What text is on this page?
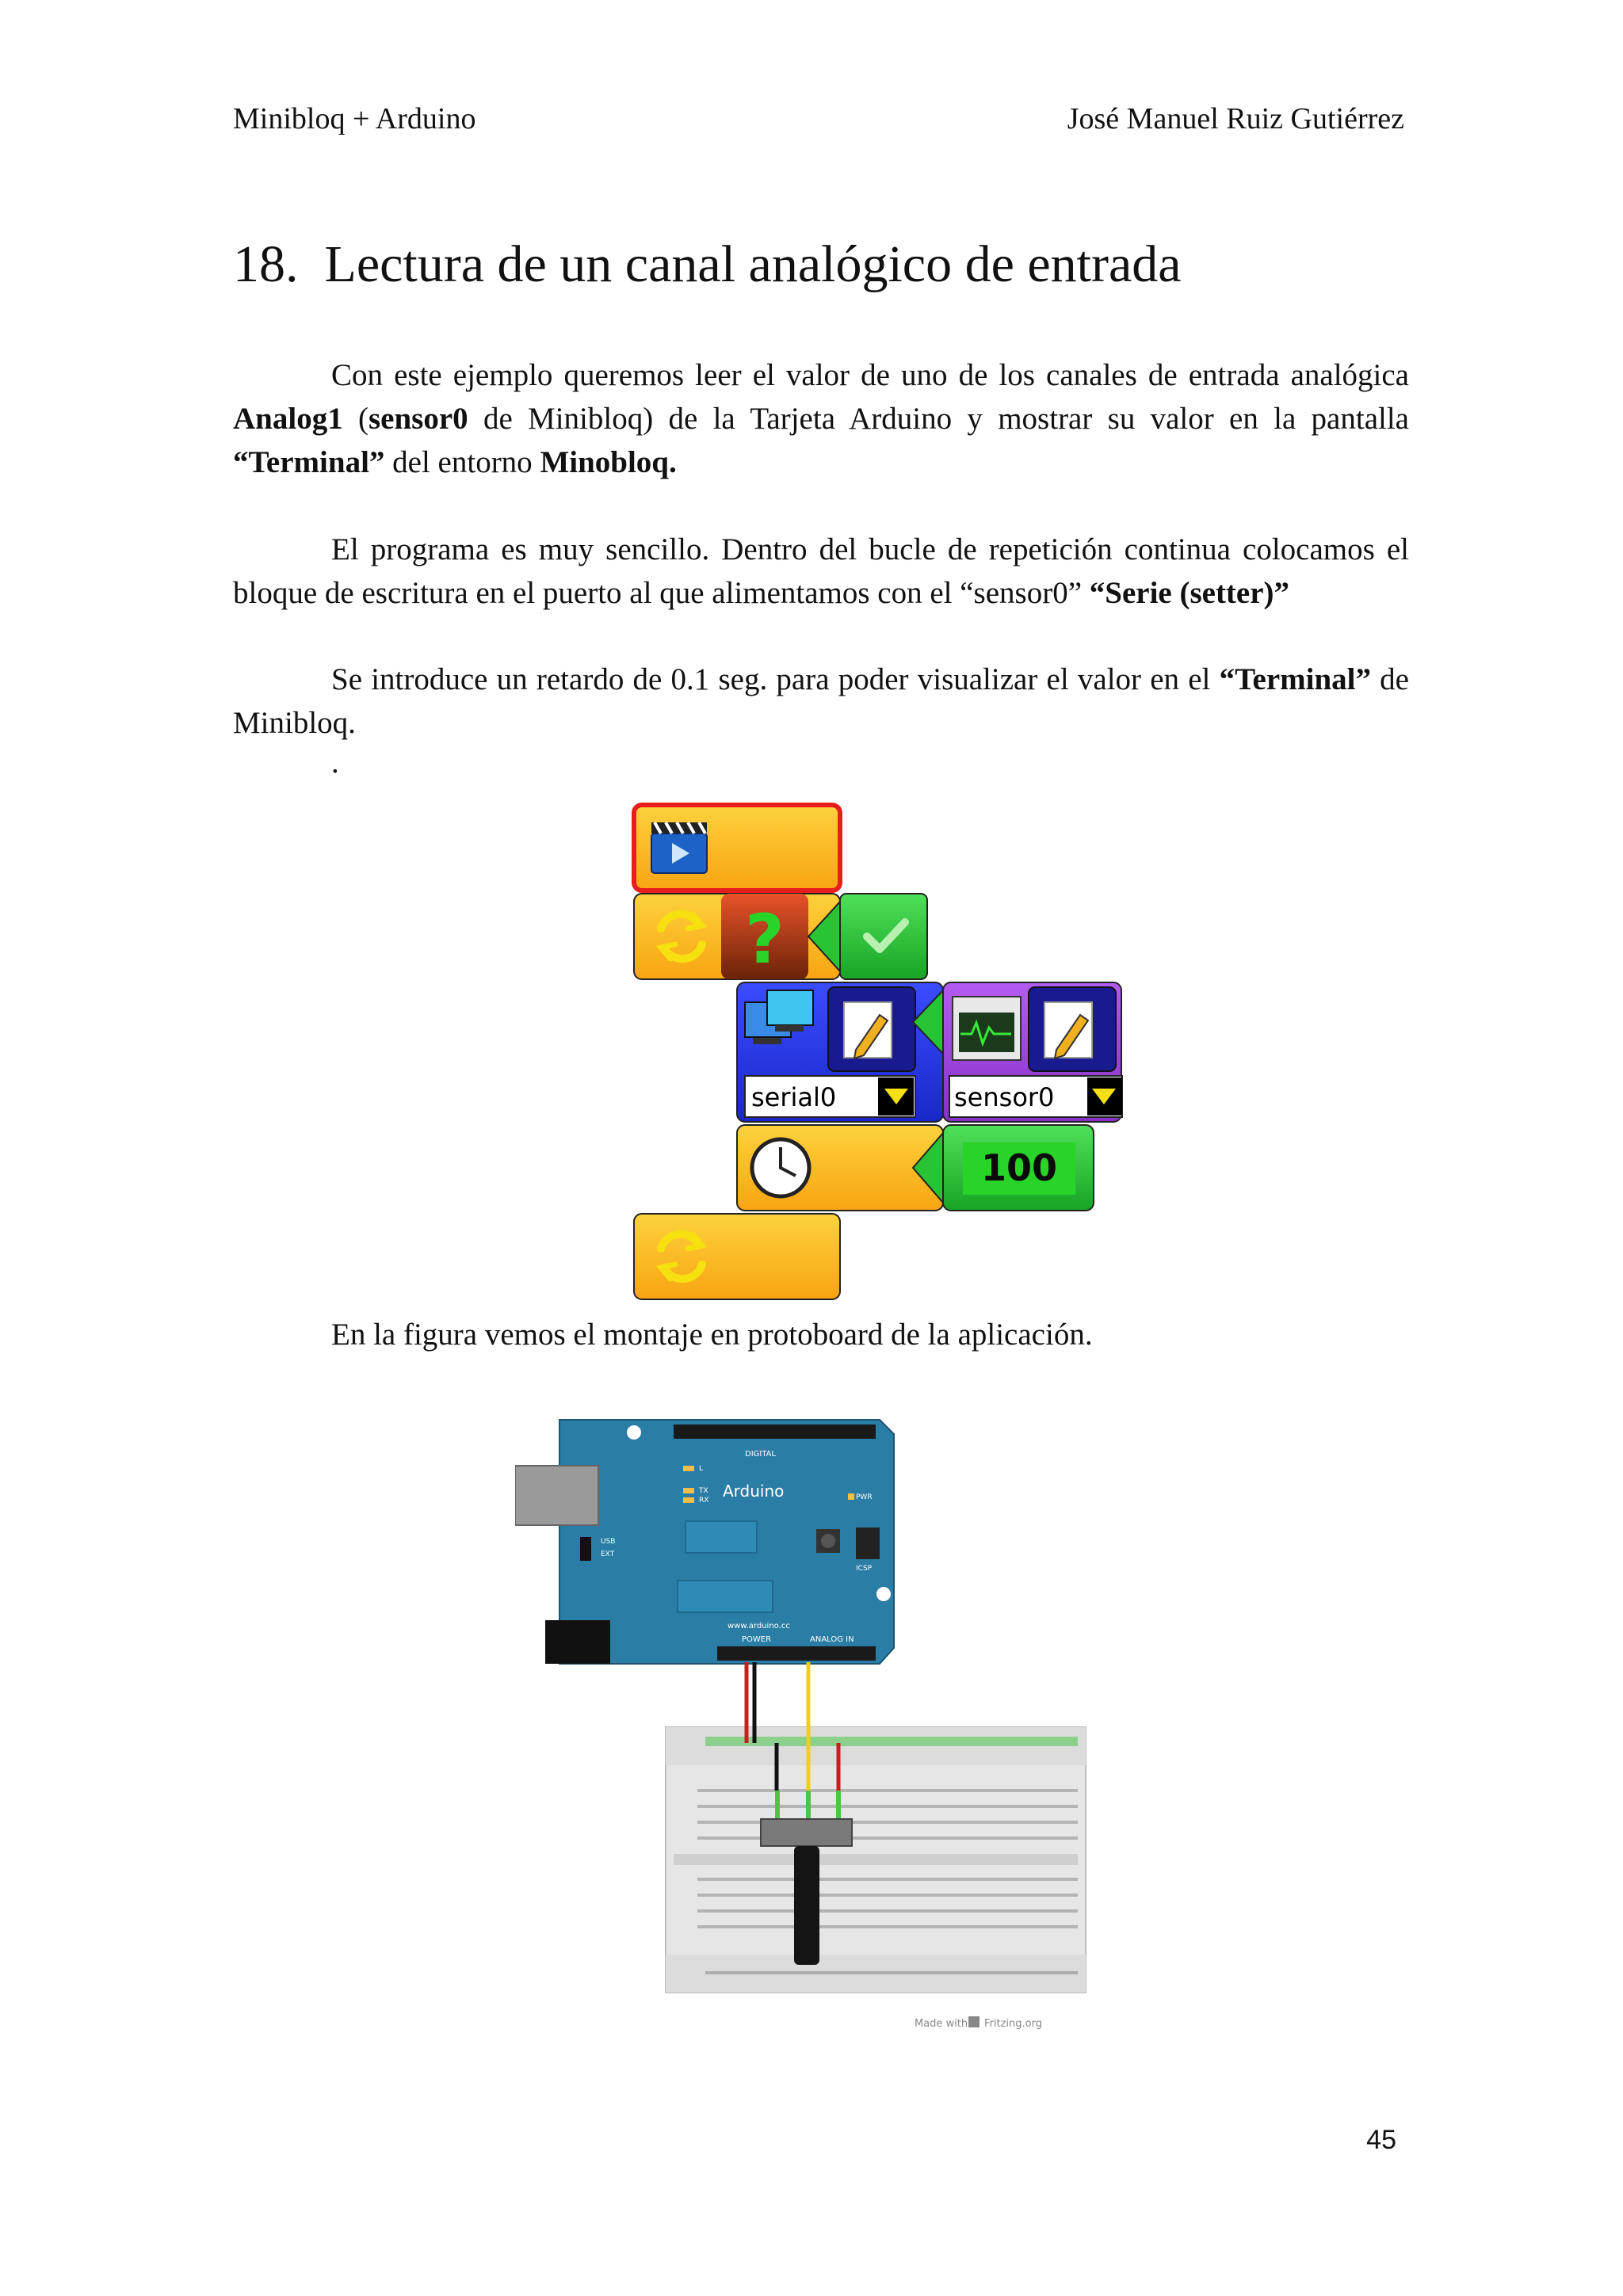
Minibloq + Arduino	José Manuel Ruiz Gutiérrez
18. Lectura de un canal analógico de entrada

Con este ejemplo queremos leer el valor de uno de los canales de entrada analógica Analog1 (sensor0 de Minibloq) de la Tarjeta Arduino y mostrar su valor en la pantalla “Terminal” del entorno Minobloq.

El programa es muy sencillo. Dentro del bucle de repetición continua colocamos el bloque de escritura en el puerto al que alimentamos con el “sensor0” “Serie (setter)”

Se introduce un retardo de 0.1 seg. para poder visualizar el valor en el “Terminal” de Minibloq.

.
?
serial0	sensor0
100
En la figura vemos el montaje en protoboard de la aplicación.
Arduino
DIGITAL
www.arduino.cc
POWER	ANALOG IN
ICSP
PWR
USB
EXT
TX
RX
L
Made with Fritzing.org
45
